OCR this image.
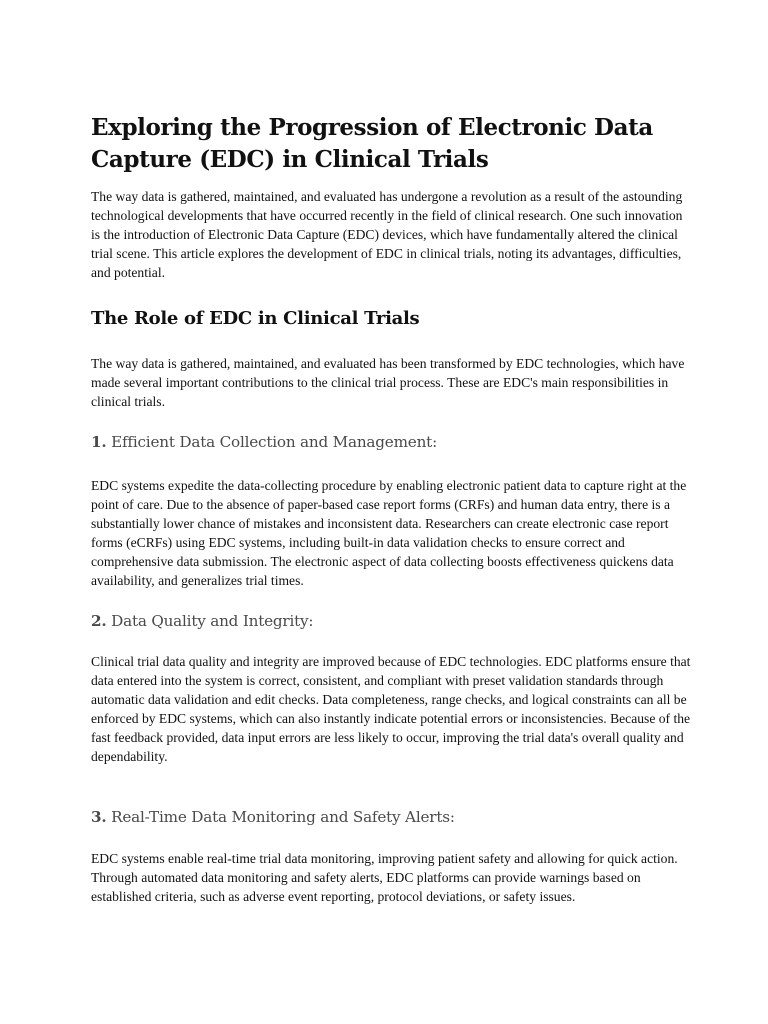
Exploring the Progression of Electronic Data Capture (EDC) in Clinical Trials

The way data is gathered, maintained, and evaluated has undergone a revolution as a result of the astounding technological developments that have occurred recently in the field of clinical research. One such innovation is the introduction of Electronic Data Capture (EDC) devices, which have fundamentally altered the clinical trial scene. This article explores the development of EDC in clinical trials, noting its advantages, difficulties, and potential.

The Role of EDC in Clinical Trials

The way data is gathered, maintained, and evaluated has been transformed by EDC technologies, which have made several important contributions to the clinical trial process. These are EDC's main responsibilities in clinical trials.

1. Efficient Data Collection and Management:

EDC systems expedite the data-collecting procedure by enabling electronic patient data to capture right at the point of care. Due to the absence of paper-based case report forms (CRFs) and human data entry, there is a substantially lower chance of mistakes and inconsistent data. Researchers can create electronic case report forms (eCRFs) using EDC systems, including built-in data validation checks to ensure correct and comprehensive data submission. The electronic aspect of data collecting boosts effectiveness quickens data availability, and generalizes trial times.

2. Data Quality and Integrity:

Clinical trial data quality and integrity are improved because of EDC technologies. EDC platforms ensure that data entered into the system is correct, consistent, and compliant with preset validation standards through automatic data validation and edit checks. Data completeness, range checks, and logical constraints can all be enforced by EDC systems, which can also instantly indicate potential errors or inconsistencies. Because of the fast feedback provided, data input errors are less likely to occur, improving the trial data's overall quality and dependability.

3. Real-Time Data Monitoring and Safety Alerts:

EDC systems enable real-time trial data monitoring, improving patient safety and allowing for quick action. Through automated data monitoring and safety alerts, EDC platforms can provide warnings based on established criteria, such as adverse event reporting, protocol deviations, or safety issues.
